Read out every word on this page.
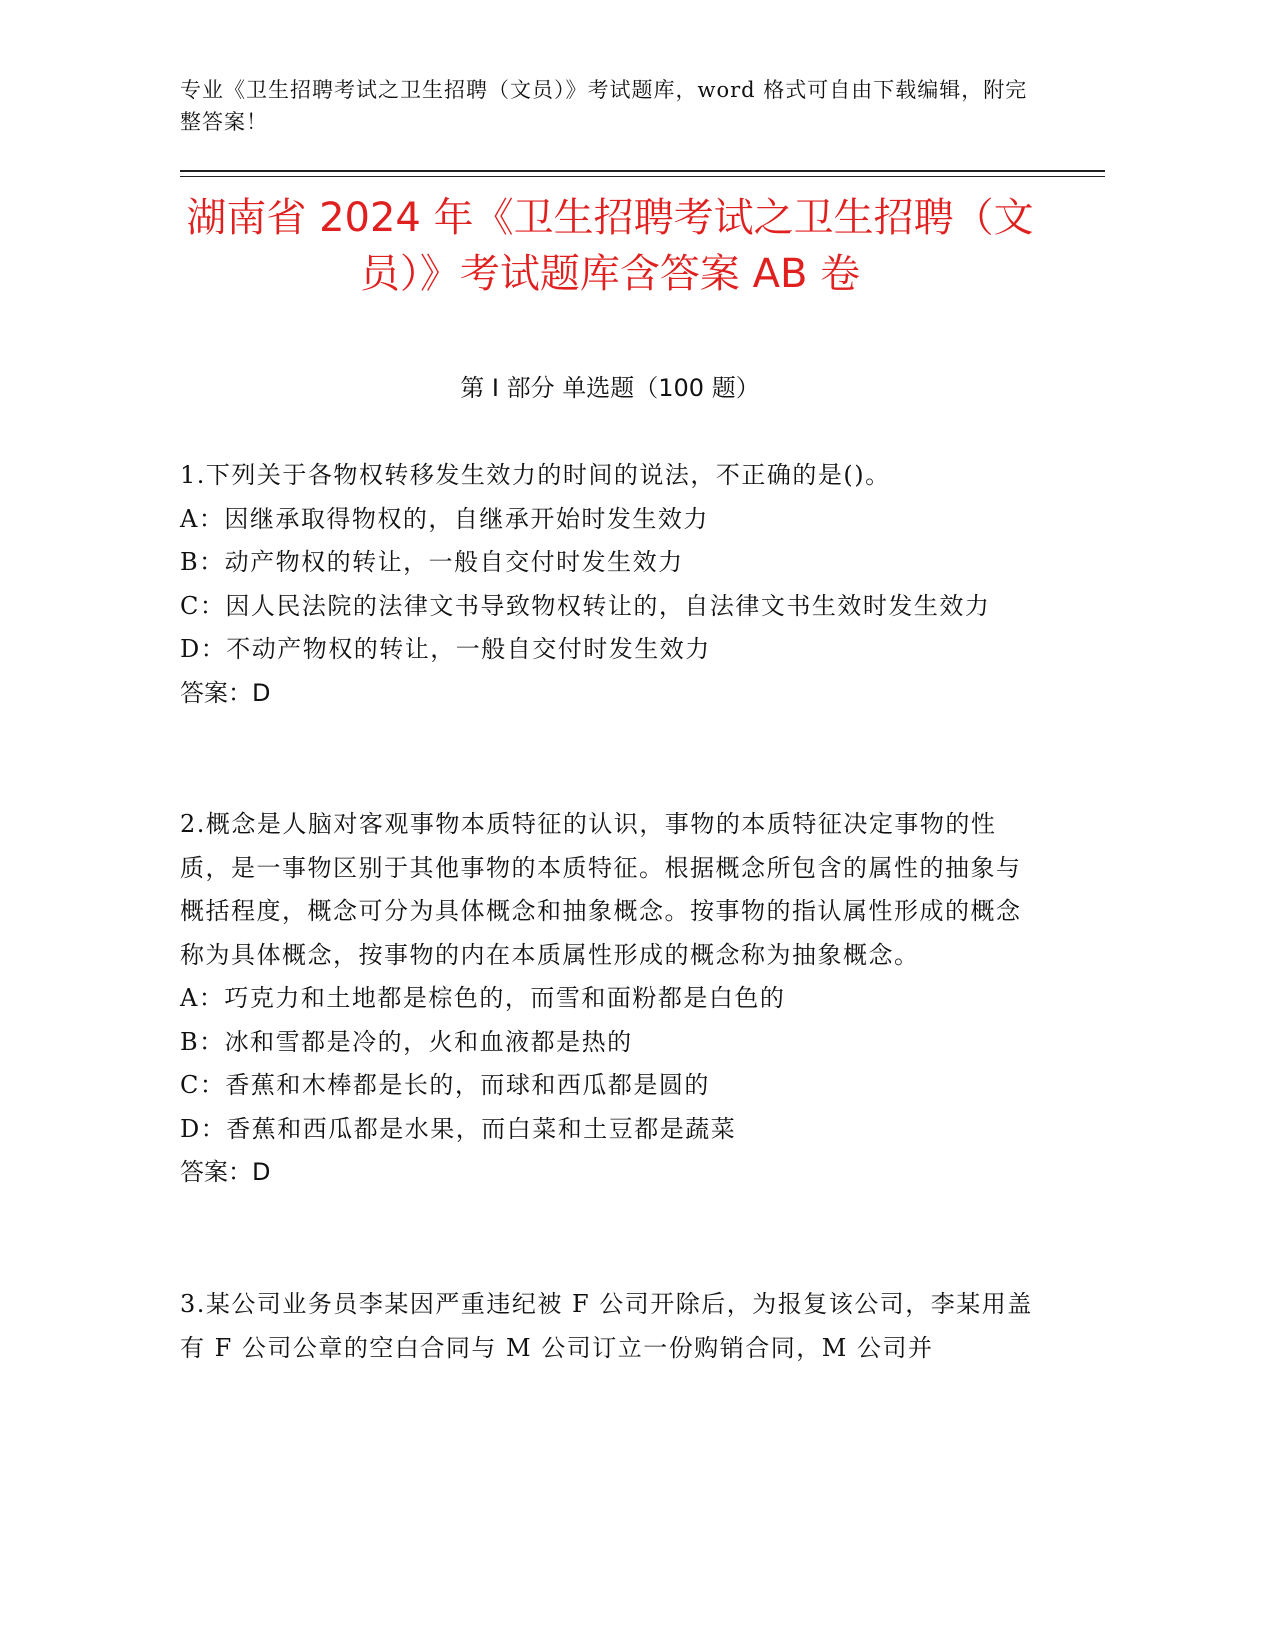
专业《卫生招聘考试之卫生招聘（文员）》考试题库，word 格式可自由下载编辑，附完整答案！
湖南省 2024 年《卫生招聘考试之卫生招聘（文员）》考试题库含答案 AB 卷
第 I 部分 单选题（100 题）
1.下列关于各物权转移发生效力的时间的说法，不正确的是()。
A：因继承取得物权的，自继承开始时发生效力
B：动产物权的转让，一般自交付时发生效力
C：因人民法院的法律文书导致物权转让的，自法律文书生效时发生效力
D：不动产物权的转让，一般自交付时发生效力
答案：D
2.概念是人脑对客观事物本质特征的认识，事物的本质特征决定事物的性质，是一事物区别于其他事物的本质特征。根据概念所包含的属性的抽象与概括程度，概念可分为具体概念和抽象概念。按事物的指认属性形成的概念称为具体概念，按事物的内在本质属性形成的概念称为抽象概念。
A：巧克力和土地都是棕色的，而雪和面粉都是白色的
B：冰和雪都是冷的，火和血液都是热的
C：香蕉和木棒都是长的，而球和西瓜都是圆的
D：香蕉和西瓜都是水果，而白菜和土豆都是蔬菜
答案：D
3.某公司业务员李某因严重违纪被 F 公司开除后，为报复该公司，李某用盖有 F 公司公章的空白合同与 M 公司订立一份购销合同，M 公司并
